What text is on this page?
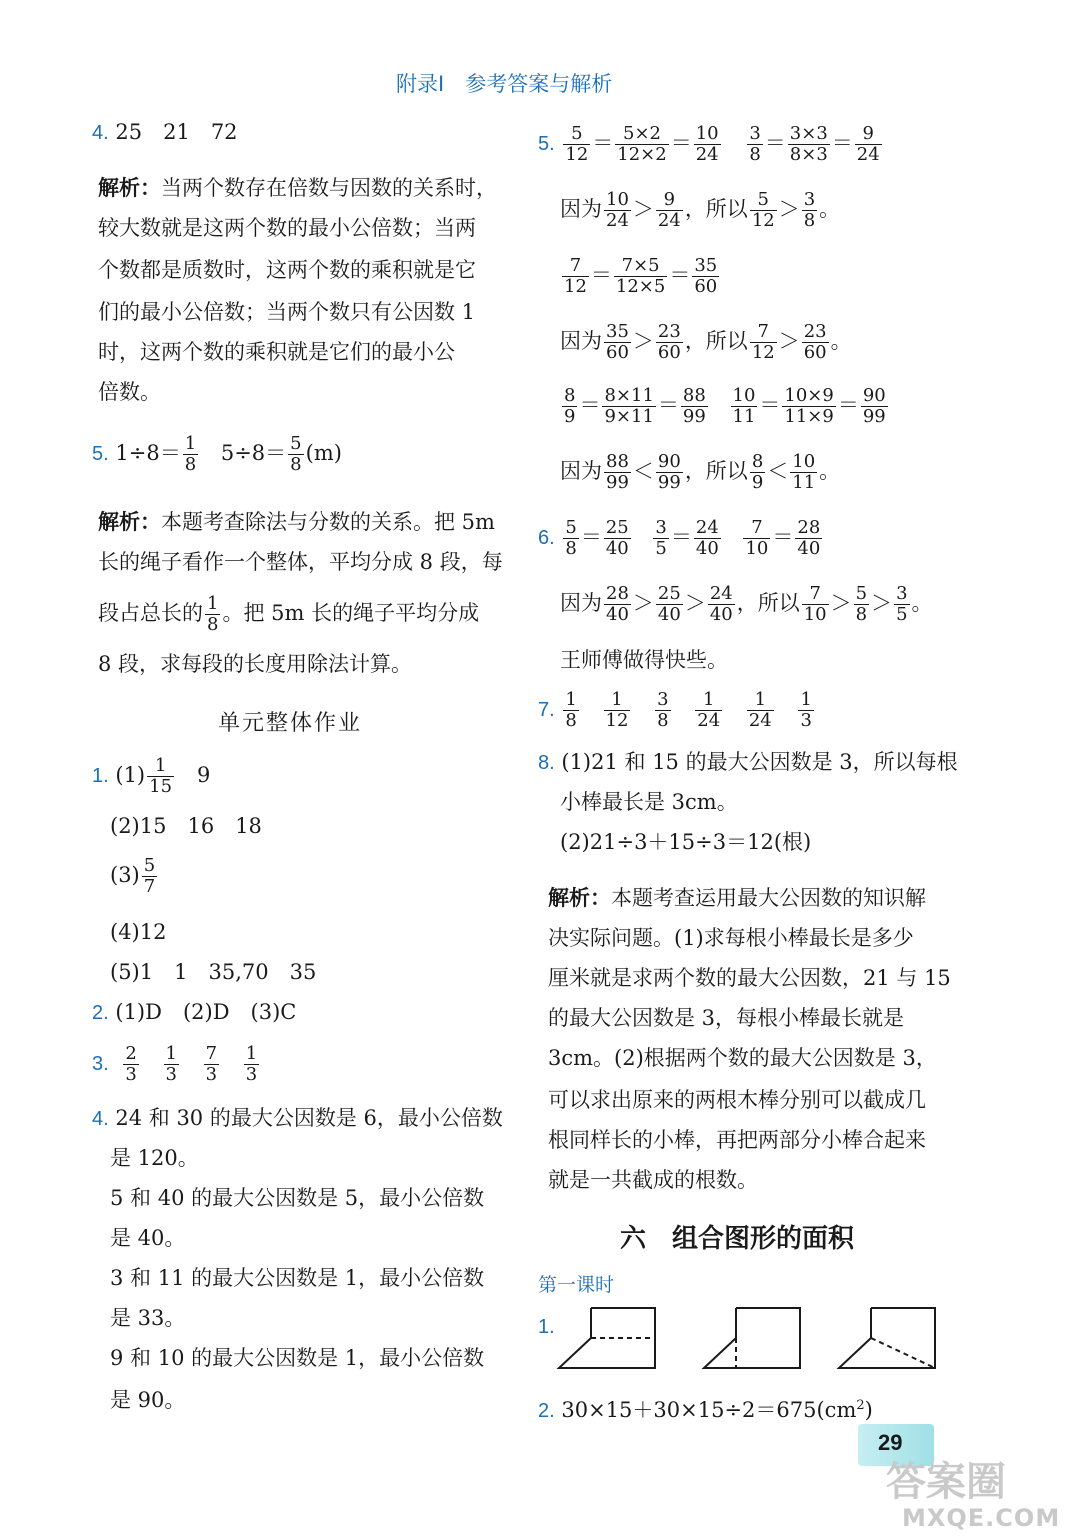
附录Ⅰ　参考答案与解析
4. 25　21　72
解析：当两个数存在倍数与因数的关系时，
较大数就是这两个数的最小公倍数；当两
个数都是质数时，这两个数的乘积就是它
们的最小公倍数；当两个数只有公因数 1
时，这两个数的乘积就是它们的最小公
倍数。
5. $1\div 8= \frac{1}{8} 5\div 8= \frac{5}{8} (m)$
解析：本题考查除法与分数的关系。把 5m
长的绳子看作一个整体，平均分成 8 段，每
段占总长的 $\frac{1}{8}$ 。把 5m 长的绳子平均分成
8 段，求每段的长度用除法计算。
单元整体作业
1. $(1) \frac{1}{15}$ 　9
(2)15　16　18
$(3) \frac{5}{7}$
(4)12
(5)1　1　35,70　35
2. (1)D　(2)D　(3)C
3. $\frac{2}{3}$
$\frac{1}{3}$
$\frac{7}{3}$
$\frac{1}{3}$
4. 24 和 30 的最大公因数是 6，最小公倍数
是 120。
5 和 40 的最大公因数是 5，最小公倍数
是 40。
3 和 11 的最大公因数是 1，最小公倍数
是 33。
9 和 10 的最大公因数是 1，最小公倍数
是 90。
5. $\frac{5}{12} = \frac{5\times 2}{12\times 2} = \frac{10}{24}$
$\frac{3}{8} = \frac{3\times 3}{8\times 3} = \frac{9}{24}$
因为 $\frac{10}{24} > \frac{9}{24}$ ，所以 $\frac{5}{12} > \frac{3}{8}$ 。
$\frac{7}{12} = \frac{7\times 5}{12\times 5} = \frac{35}{60}$
因为 $\frac{35}{60} > \frac{23}{60}$ ，所以 $\frac{7}{12} > \frac{23}{60}$ 。
$\frac{8}{9} = \frac{8\times 11}{9\times 11} = \frac{88}{99}$
$\frac{10}{11} = \frac{10\times 9}{11\times 9} = \frac{90}{99}$
因为 $\frac{88}{99} < \frac{90}{99}$ ，所以 $\frac{8}{9} < \frac{10}{11}$ 。
6. $\frac{5}{8} = \frac{25}{40}$
$\frac{3}{5} = \frac{24}{40}$
$\frac{7}{10} = \frac{28}{40}$
因为 $\frac{28}{40} > \frac{25}{40} > \frac{24}{40}$ ，所以 $\frac{7}{10} > \frac{5}{8} > \frac{3}{5}$ 。
王师傅做得快些。
7. $\frac{1}{8}$
$\frac{1}{12}$
$\frac{3}{8}$
$\frac{1}{24}$
$\frac{1}{24}$
$\frac{1}{3}$
8. (1)21 和 15 的最大公因数是 3，所以每根
小棒最长是 3cm。
(2)21÷3＋15÷3＝12(根)
解析：本题考查运用最大公因数的知识解
决实际问题。(1)求每根小棒最长是多少
厘米就是求两个数的最大公因数，21 与 15
的最大公因数是 3，每根小棒最长就是
3cm。(2)根据两个数的最大公因数是 3，
可以求出原来的两根木棒分别可以截成几
根同样长的小棒，再把两部分小棒合起来
就是一共截成的根数。
六　组合图形的面积
第一课时
1.
2. $30\times 15+30\times 15\div 2=675(cm^2)$
29
答案圈
MXQE.COM
